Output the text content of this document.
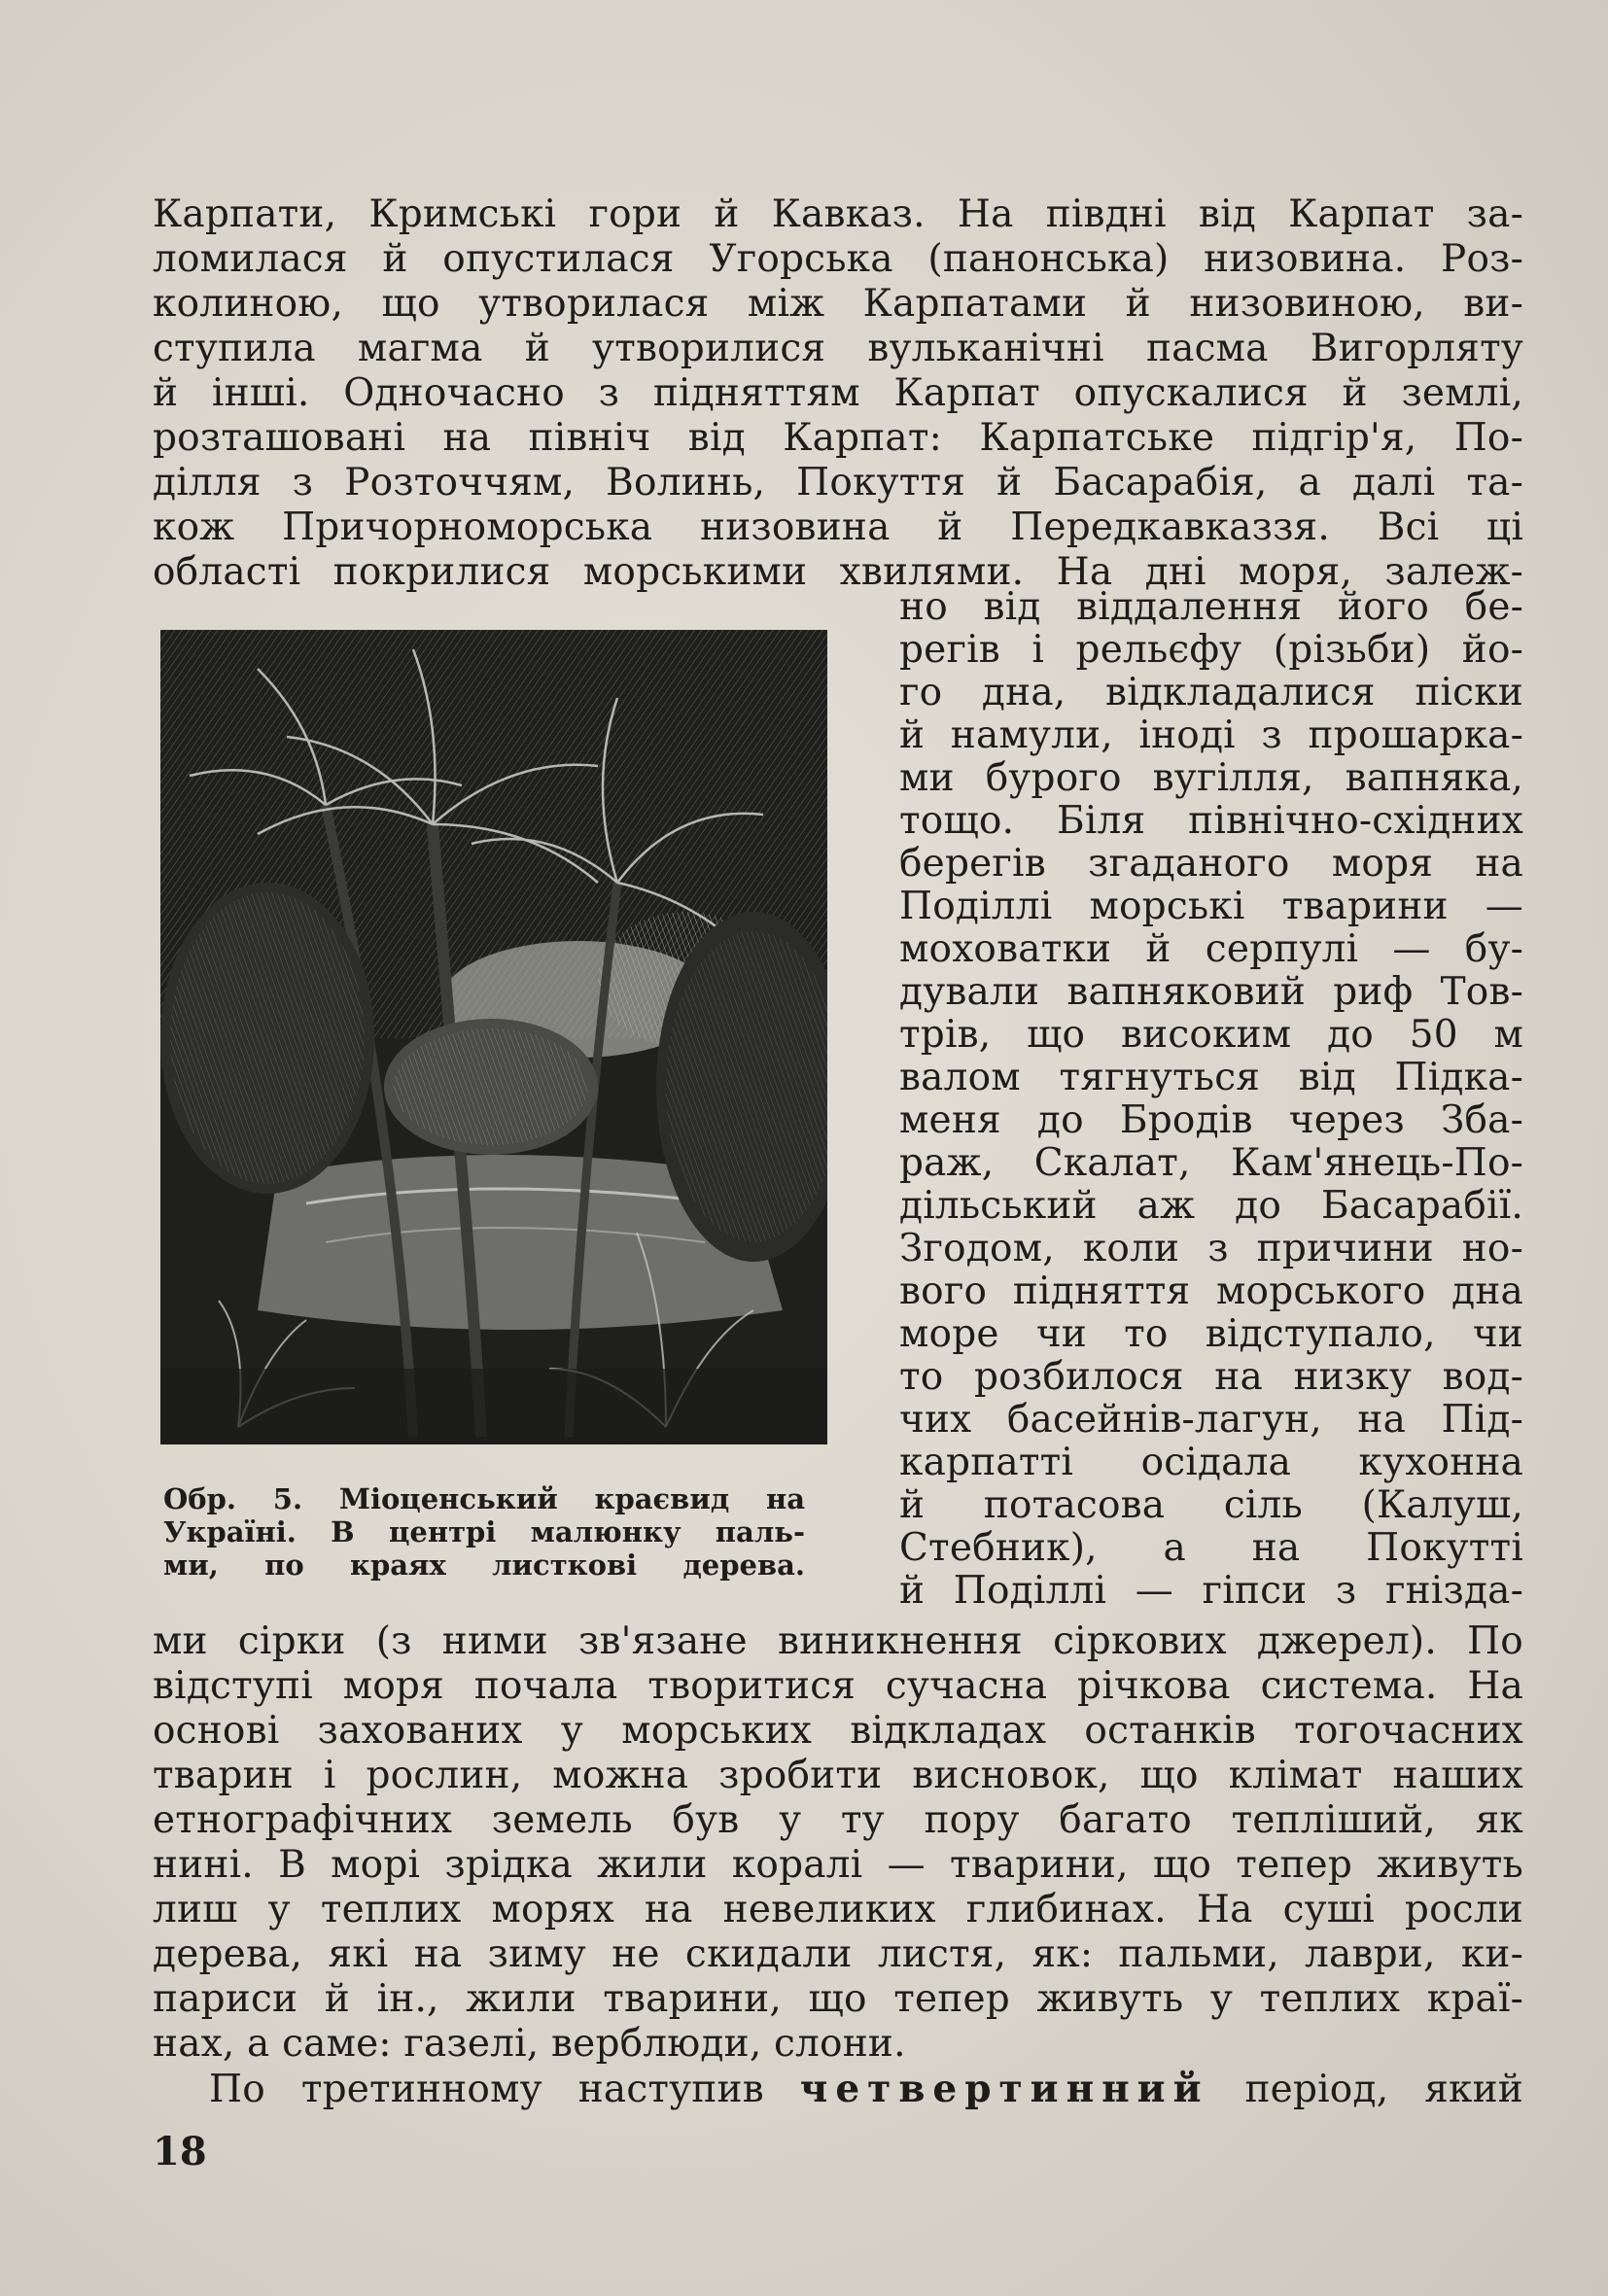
Карпати, Кримські гори й Кавказ. На півдні від Карпат за-
ломилася й опустилася Угорська (панонська) низовина. Роз-
колиною, що утворилася між Карпатами й низовиною, ви-
ступила магма й утворилися вульканічні пасма Вигорляту
й інші. Одночасно з підняттям Карпат опускалися й землі,
розташовані на північ від Карпат: Карпатське підгір'я, По-
ділля з Розточчям, Волинь, Покуття й Басарабія, а далі та-
кож Причорноморська низовина й Передкавказзя. Всі ці
області покрилися морськими хвилями. На дні моря, залеж-
Обр. 5. Міоценський краєвид на
Україні. В центрі малюнку паль-
ми, по краях листкові дерева.
но від віддалення його бе-
регів і рельєфу (різьби) йо-
го дна, відкладалися піски
й намули, іноді з прошарка-
ми бурого вугілля, вапняка,
тощо. Біля північно-східних
берегів згаданого моря на
Поділлі морські тварини —
моховатки й серпулі — бу-
дували вапняковий риф Тов-
трів, що високим до 50 м
валом тягнуться від Підка-
меня до Бродів через Зба-
раж, Скалат, Кам'янець-По-
дільський аж до Басарабії.
Згодом, коли з причини но-
вого підняття морського дна
море чи то відступало, чи
то розбилося на низку вод-
чих басейнів-лагун, на Під-
карпатті осідала кухонна
й потасова сіль (Калуш,
Стебник), а на Покутті
й Поділлі — гіпси з гнізда-
ми сірки (з ними зв'язане виникнення сіркових джерел). По
відступі моря почала творитися сучасна річкова система. На
основі захованих у морських відкладах останків тогочасних
тварин і рослин, можна зробити висновок, що клімат наших
етнографічних земель був у ту пору багато тепліший, як
нині. В морі зрідка жили коралі — тварини, що тепер живуть
лиш у теплих морях на невеликих глибинах. На суші росли
дерева, які на зиму не скидали листя, як: пальми, лаври, ки-
париси й ін., жили тварини, що тепер живуть у теплих краї-
нах, а саме: газелі, верблюди, слони.
По третинному наступив четвертинний період, який
18
